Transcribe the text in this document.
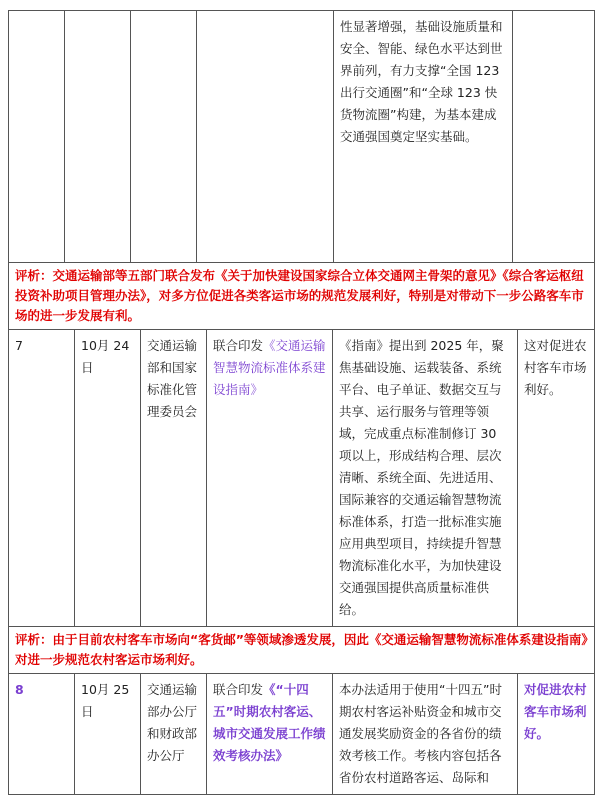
性显著增强，基础设施质量和安全、智能、绿色水平达到世界前列，有力支撑“全国 123 出行交通圈”和“全球 123 快货物流圈”构建，为基本建成交通强国奠定坚实基础。
评析：交通运输部等五部门联合发布《关于加快建设国家综合立体交通网主骨架的意见》《综合客运枢纽投资补助项目管理办法》，对多方位促进各类客运市场的规范发展利好，特别是对带动下一步公路客车市场的进一步发展有利。
7	10月 24日
交通运输部和国家标准化管理委员会
联合印发《交通运输智慧物流标准体系建设指南》
《指南》提出到 2025 年，聚焦基础设施、运载装备、系统平台、电子单证、数据交互与共享、运行服务与管理等领域，完成重点标准制修订 30 项以上，形成结构合理、层次清晰、系统全面、先进适用、国际兼容的交通运输智慧物流标准体系，打造一批标准实施应用典型项目，持续提升智慧物流标准化水平，为加快建设交通强国提供高质量标准供给。
这对促进农村客车市场利好。
评析：由于目前农村客车市场向“客货邮”等领域渗透发展，因此《交通运输智慧物流标准体系建设指南》对进一步规范农村客运市场利好。
8	10月 25日
交通运输部办公厅和财政部办公厅
联合印发《“十四五”时期农村客运、城市交通发展工作绩效考核办法》
本办法适用于使用“十四五”时期农村客运补贴资金和城市交通发展奖励资金的各省份的绩效考核工作。考核内容包括各省份农村道路客运、岛际和
对促进农村客车市场利好。
